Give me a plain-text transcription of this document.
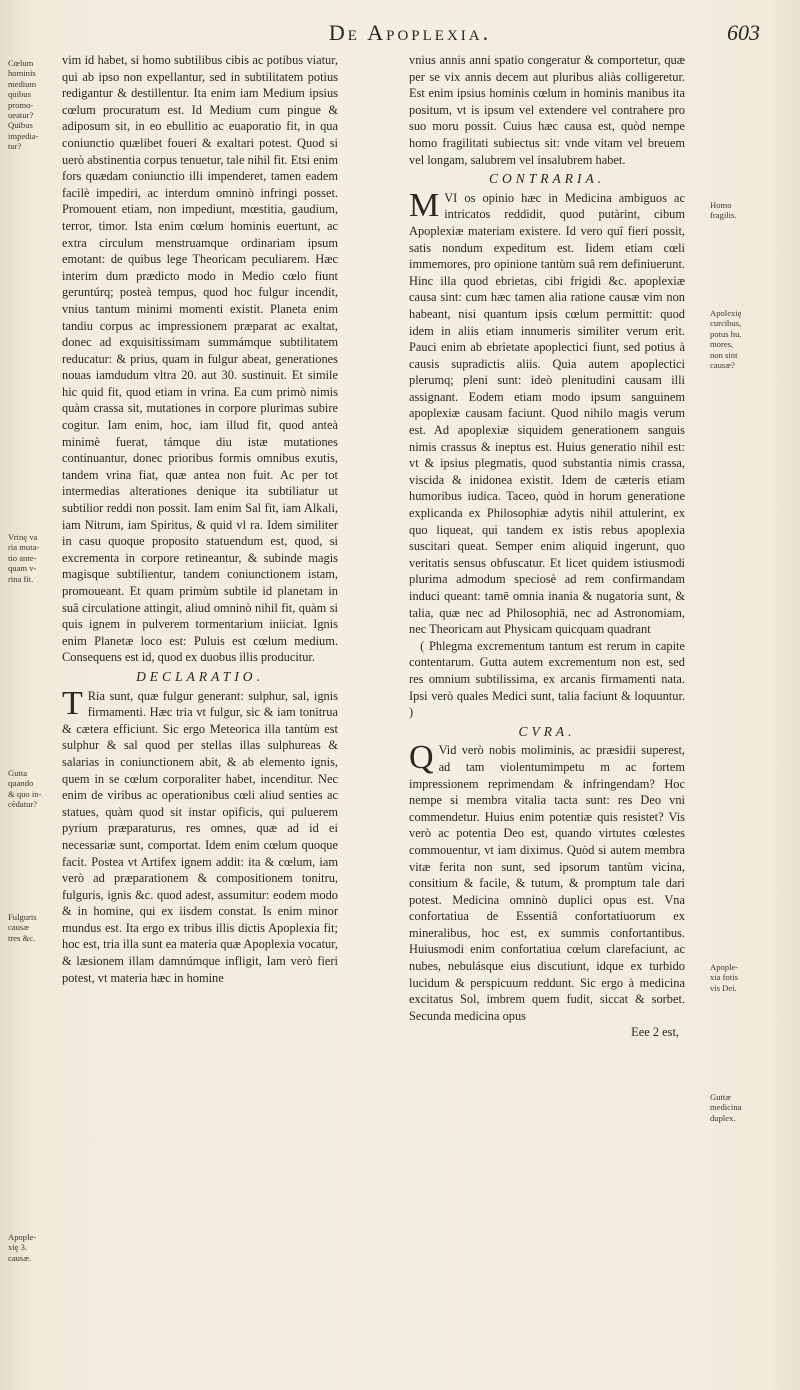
De Apoplexia.	603

vim id habet, si homo subtilibus cibis ac potibus viatur, qui ab ipso non expellantur, sed in subtilitatem potius redigantur & destillentur. Ita enim iam Medium ipsius cœlum procuratum est. Id Medium cum pingue & adiposum sit, in eo ebullitio ac euaporatio fit, in qua coniunctio quælibet foueri & exaltari potest. Quod si uerò abstinentia corpus tenuetur, tale nihil fit. Etsi enim fors quædam coniunctio illi impenderet, tamen eadem facilè impediri, ac interdum omninò infringi posset. Promouent etiam, non impediunt, mœstitia, gaudium, terror, timor. Ista enim cœlum hominis euertunt, ac extra circulum menstruamque ordinariam ipsum emotant: de quibus lege Theoricam peculiarem. Hæc interim dum prædicto modo in Medio cœlo fiunt geruntúrq; posteà tempus, quod hoc fulgur incendit, vnius tantum minimi momenti existit. Planeta enim tandiu corpus ac impressionem præparat ac exaltat, donec ad exquisitissimam summámque subtilitatem reducatur: & prius, quam in fulgur abeat, generationes nouas iamdudum vltra 20. aut 30. sustinuit. Et simile hic quid fit, quod etiam in vrina. Ea cum primò nimis quàm crassa sit, mutationes in corpore plurimas subire cogitur. Iam enim, hoc, iam illud fit, quod anteà minimè fuerat, támque diu istæ mutationes continuantur, donec prioribus formis omnibus exutis, tandem vrina fiat, quæ antea non fuit. Ac per tot intermedias alterationes denique ita subtiliatur ut subtilior reddi non possit. Iam enim Sal fit, iam Alkali, iam Nitrum, iam Spiritus, & quid vl ra. Idem similiter in casu quoque proposito statuendum est, quod, si excrementa in corpore retineantur, & subinde magis magisque subtilientur, tandem coniunctionem istam, promoueant. Et quam primùm subtile id planetam in suâ circulatione attingit, aliud omninò nihil fit, quàm si quis ignem in pulverem tormentarium iniiciat. Ignis enim Planetæ loco est: Puluis est cœlum medium. Consequens est id, quod ex duobus illis producitur.

DECLARATIO.

T Ria sunt, quæ fulgur generant: sulphur, sal, ignis firmamenti. Hæc tria vt fulgur, sic & iam tonitrua & cætera efficiunt. Sic ergo Meteorica illa tantùm est sulphur & sal quod per stellas illas sulphureas & salarias in coniunctionem abit, & ab elemento ignis, quem in se cœlum corporaliter habet, incenditur. Nec enim de viribus ac operationibus cœli aliud senties ac statues, quàm quod sit instar opificis, qui puluerem pyrium præparaturus, res omnes, quæ ad id ei necessariæ sunt, comportat. Idem enim cœlum quoque facit. Postea vt Artifex ignem addit: ita & cœlum, iam verò ad præparationem & compositionem tonitru, fulguris, ignis &c. quod adest, assumitur: eodem modo & in homine, qui ex iisdem constat. Is enim minor mundus est. Ita ergo ex tribus illis dictis Apoplexia fit; hoc est, tria illa sunt ea materia quæ Apoplexia vocatur, & læsionem illam damnúmque infligit, Iam verò fieri potest, vt materia hæc in homine

vnius annis anni spatio congeratur & comportetur, quæ per se vix annis decem aut pluribus aliàs colligeretur. Est enim ipsius hominis cœlum in hominis manibus ita positum, vt is ipsum vel extendere vel contrahere pro suo moru possit. Cuius hæc causa est, quòd nempe homo fragilitati subiectus sit: vnde vitam vel breuem vel longam, salubrem vel insalubrem habet.

CONTRARIA.

MVI os opinio hæc in Medicina ambiguos ac intricatos reddidit, quod putàrint, cibum Apoplexiæ materiam existere. Id vero quî fieri possit, satis nondum expeditum est. Iidem etiam cœli immemores, pro opinione tantùm suâ rem definiuerunt. Hinc illa quod ebrietas, cibi frigidi &c. apoplexiæ causa sint: cum hæc tamen alia ratione causæ vim non habeant, nisi quantum ipsis cœlum permittit: quod idem in aliis etiam innumeris similiter verum erit. Pauci enim ab ebrietate apoplectici fiunt, sed potius à causis supradictis aliis. Quia autem apoplectici plerumq; pleni sunt: ideò plenitudini causam illi assignant. Eodem etiam modo ipsum sanguinem apoplexiæ causam faciunt. Quod nihilo magis verum est. Ad apoplexiæ siquidem generationem sanguis nimis crassus & ineptus est. Huius generatio nihil est: vt & ipsius plegmatis, quod substantia nimis crassa, viscida & inidonea existit. Idem de cæteris etiam humoribus iudica. Taceo, quòd in horum generatione explicanda ex Philosophiæ adytis nihil attulerint, ex quo liqueat, qui tandem ex istis rebus apoplexia suscitari queat. Semper enim aliquid ingerunt, quo veritatis sensus obfuscatur. Et licet quidem istiusmodi plurima admodum speciosè ad rem confirmandam induci queant: tamē omnia inania & nugatoria sunt, & talia, quæ nec ad Philosophiā, nec ad Astronomiam, nec Theoricam aut Physicam quicquam quadrant

( Phlegma excrementum tantum est rerum in capite contentarum. Gutta autem excrementum non est, sed res omnium subtilissima, ex arcanis firmamenti nata. Ipsi verò quales Medici sunt, talia faciunt & loquuntur. )

CVRA.

Q Vid verò nobis moliminis, ac præsidii superest, ad tam violentumimpetu m ac fortem impressionem reprimendam & infringendam? Hoc nempe si membra vitalia tacta sunt: res Deo vni commendetur. Huius enim potentiæ quis resistet? Vis verò ac potentia Deo est, quando virtutes cœlestes commouentur, vt iam diximus. Quòd si autem membra vitæ ferita non sunt, sed ipsorum tantùm vicina, consitium & facile, & tutum, & promptum tale dari potest. Medicina omninò duplici opus est. Vna confortatiua de Essentiâ confortatiuorum ex mineralibus, hoc est, ex summis confortantibus. Huiusmodi enim confortatiua cœlum clarefaciunt, ac nubes, nebulásque eius discutiunt, idque ex turbido lucidum & perspicuum reddunt. Sic ergo à medicina excitatus Sol, imbrem quem fudit, siccat & sorbet. Secunda medicina opus

Eee 2 est,
Cœlum
hominis
medium
quibus
promo-
ueatur?
Quibus
impedia-
tur?
Vrinę va
ria muta-
tio ante-
quam v-
rina fit.
Gutta
quando
& quo in-
cēdatur?
Fulguris
causæ
tres &c.
Apople-
xię 3.
causæ.
Homo
fragilis.
Apolexię
curcibus,
potus hu.
mores,
non sint
causæ?
Apople-
xia fotis
vis Dei.
Guttæ
medicina
duplex.
